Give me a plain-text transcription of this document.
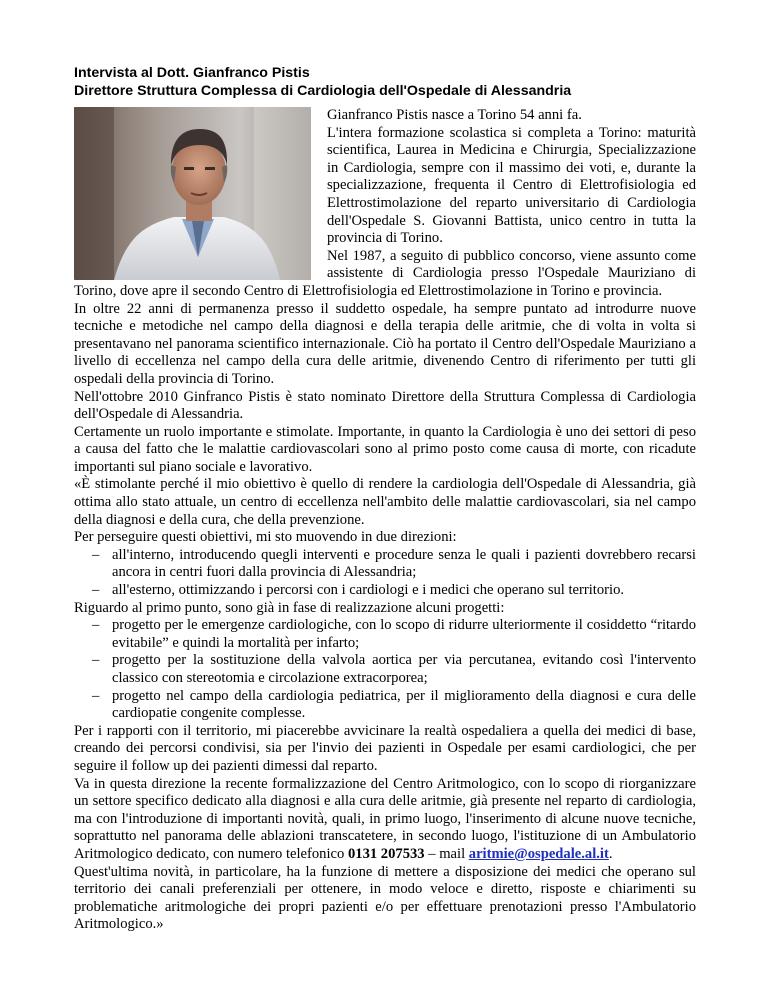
Intervista al Dott. Gianfranco Pistis

Direttore Struttura Complessa di Cardiologia dell'Ospedale di Alessandria

Gianfranco Pistis nasce a Torino 54 anni fa.

L'intera formazione scolastica si completa a Torino: maturità scientifica, Laurea in Medicina e Chirurgia, Specializzazione in Cardiologia, sempre con il massimo dei voti, e, durante la specializzazione, frequenta il Centro di Elettrofisiologia ed Elettrostimolazione del reparto universitario di Cardiologia dell'Ospedale S. Giovanni Battista, unico centro in tutta la provincia di Torino.

Nel 1987, a seguito di pubblico concorso, viene assunto come assistente di Cardiologia presso l'Ospedale Mauriziano di Torino, dove apre il secondo Centro di Elettrofisiologia ed Elettrostimolazione in Torino e provincia.

In oltre 22 anni di permanenza presso il suddetto ospedale, ha sempre puntato ad introdurre nuove tecniche e metodiche nel campo della diagnosi e della terapia delle aritmie, che di volta in volta si presentavano nel panorama scientifico internazionale. Ciò ha portato il Centro dell'Ospedale Mauriziano a livello di eccellenza nel campo della cura delle aritmie, divenendo Centro di riferimento per tutti gli ospedali della provincia di Torino.

Nell'ottobre 2010 Ginfranco Pistis è stato nominato Direttore della Struttura Complessa di Cardiologia dell'Ospedale di Alessandria.

Certamente un ruolo importante e stimolate. Importante, in quanto la Cardiologia è uno dei settori di peso a causa del fatto che le malattie cardiovascolari sono al primo posto come causa di morte, con ricadute importanti sul piano sociale e lavorativo.

«È stimolante perché il mio obiettivo è quello di rendere la cardiologia dell'Ospedale di Alessandria, già ottima allo stato attuale, un centro di eccellenza nell'ambito delle malattie cardiovascolari, sia nel campo della diagnosi e della cura, che della prevenzione.

Per perseguire questi obiettivi, mi sto muovendo in due direzioni:

– all'interno, introducendo quegli interventi e procedure senza le quali i pazienti dovrebbero recarsi ancora in centri fuori dalla provincia di Alessandria;
– all'esterno, ottimizzando i percorsi con i cardiologi e i medici che operano sul territorio.

Riguardo al primo punto, sono già in fase di realizzazione alcuni progetti:

– progetto per le emergenze cardiologiche, con lo scopo di ridurre ulteriormente il cosiddetto “ritardo evitabile” e quindi la mortalità per infarto;
– progetto per la sostituzione della valvola aortica per via percutanea, evitando così l'intervento classico con stereotomia e circolazione extracorporea;
– progetto nel campo della cardiologia pediatrica, per il miglioramento della diagnosi e cura delle cardiopatie congenite complesse.

Per i rapporti con il territorio, mi piacerebbe avvicinare la realtà ospedaliera a quella dei medici di base, creando dei percorsi condivisi, sia per l'invio dei pazienti in Ospedale per esami cardiologici, che per seguire il follow up dei pazienti dimessi dal reparto.

Va in questa direzione la recente formalizzazione del Centro Aritmologico, con lo scopo di riorganizzare un settore specifico dedicato alla diagnosi e alla cura delle aritmie, già presente nel reparto di cardiologia, ma con l'introduzione di importanti novità, quali, in primo luogo, l'inserimento di alcune nuove tecniche, soprattutto nel panorama delle ablazioni transcatetere, in secondo luogo, l'istituzione di un Ambulatorio Aritmologico dedicato, con numero telefonico 0131 207533 – mail aritmie@ospedale.al.it.

Quest'ultima novità, in particolare, ha la funzione di mettere a disposizione dei medici che operano sul territorio dei canali preferenziali per ottenere, in modo veloce e diretto, risposte e chiarimenti su problematiche aritmologiche dei propri pazienti e/o per effettuare prenotazioni presso l'Ambulatorio Aritmologico.»
